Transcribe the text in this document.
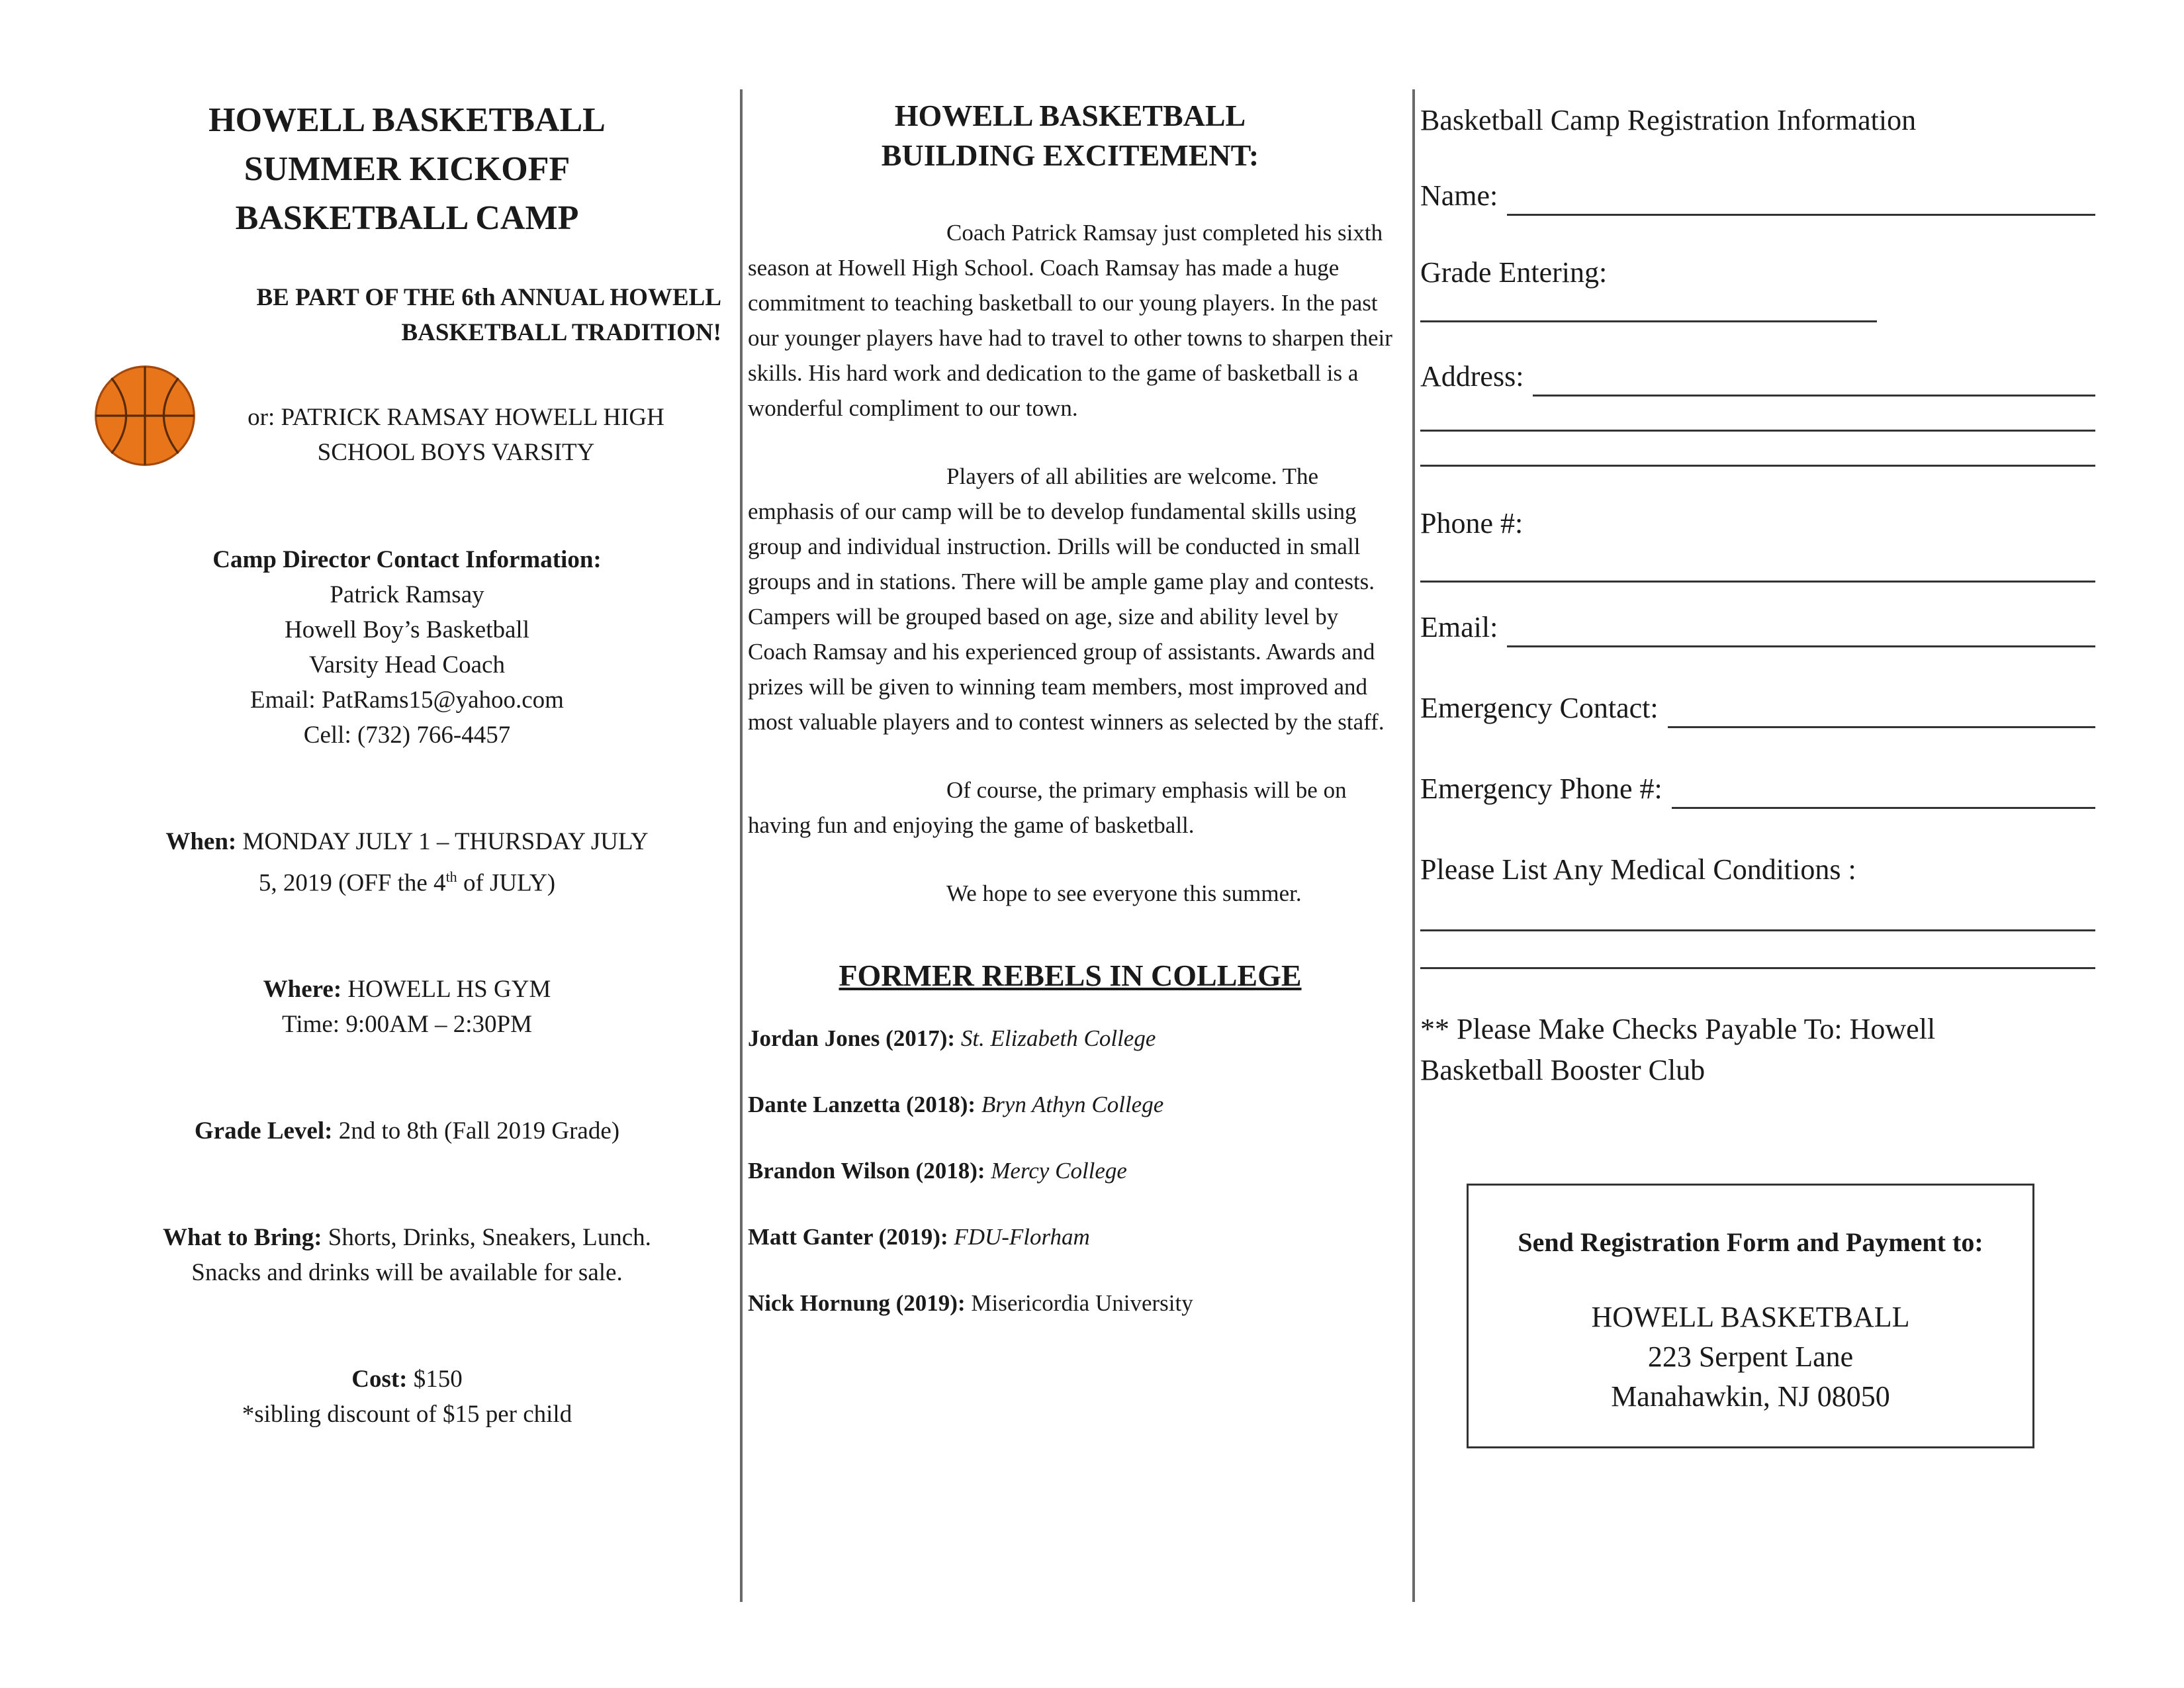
HOWELL BASKETBALL
SUMMER KICKOFF
BASKETBALL CAMP
BE PART OF THE 6th ANNUAL HOWELL
BASKETBALL TRADITION!
or: PATRICK RAMSAY HOWELL HIGH
SCHOOL BOYS VARSITY
Camp Director Contact Information:
Patrick Ramsay
Howell Boy’s Basketball
Varsity Head Coach
Email: PatRams15@yahoo.com
Cell: (732) 766-4457
When: MONDAY JULY 1 – THURSDAY JULY
5, 2019 (OFF the 4th of JULY)
Where: HOWELL HS GYM
Time: 9:00AM – 2:30PM
Grade Level: 2nd to 8th (Fall 2019 Grade)
What to Bring: Shorts, Drinks, Sneakers, Lunch.
Snacks and drinks will be available for sale.
Cost: $150
*sibling discount of $15 per child
HOWELL BASKETBALL
BUILDING EXCITEMENT:

Coach Patrick Ramsay just completed his sixth season at Howell High School. Coach Ramsay has made a huge commitment to teaching basketball to our young players. In the past our younger players have had to travel to other towns to sharpen their skills. His hard work and dedication to the game of basketball is a wonderful compliment to our town.

Players of all abilities are welcome. The emphasis of our camp will be to develop fundamental skills using group and individual instruction. Drills will be conducted in small groups and in stations. There will be ample game play and contests. Campers will be grouped based on age, size and ability level by Coach Ramsay and his experienced group of assistants. Awards and prizes will be given to winning team members, most improved and most valuable players and to contest winners as selected by the staff.

Of course, the primary emphasis will be on having fun and enjoying the game of basketball.

We hope to see everyone this summer.

FORMER REBELS IN COLLEGE
Jordan Jones (2017): St. Elizabeth College
Dante Lanzetta (2018): Bryn Athyn College
Brandon Wilson (2018): Mercy College
Matt Ganter (2019): FDU-Florham
Nick Hornung (2019): Misericordia University
Basketball Camp Registration Information
Name:
Grade Entering:
Address:
Phone #:
Email:
Emergency Contact:
Emergency Phone #:
Please List Any Medical Conditions :
** Please Make Checks Payable To: Howell
Basketball Booster Club
Send Registration Form and Payment to:
HOWELL BASKETBALL
223 Serpent Lane
Manahawkin, NJ 08050
